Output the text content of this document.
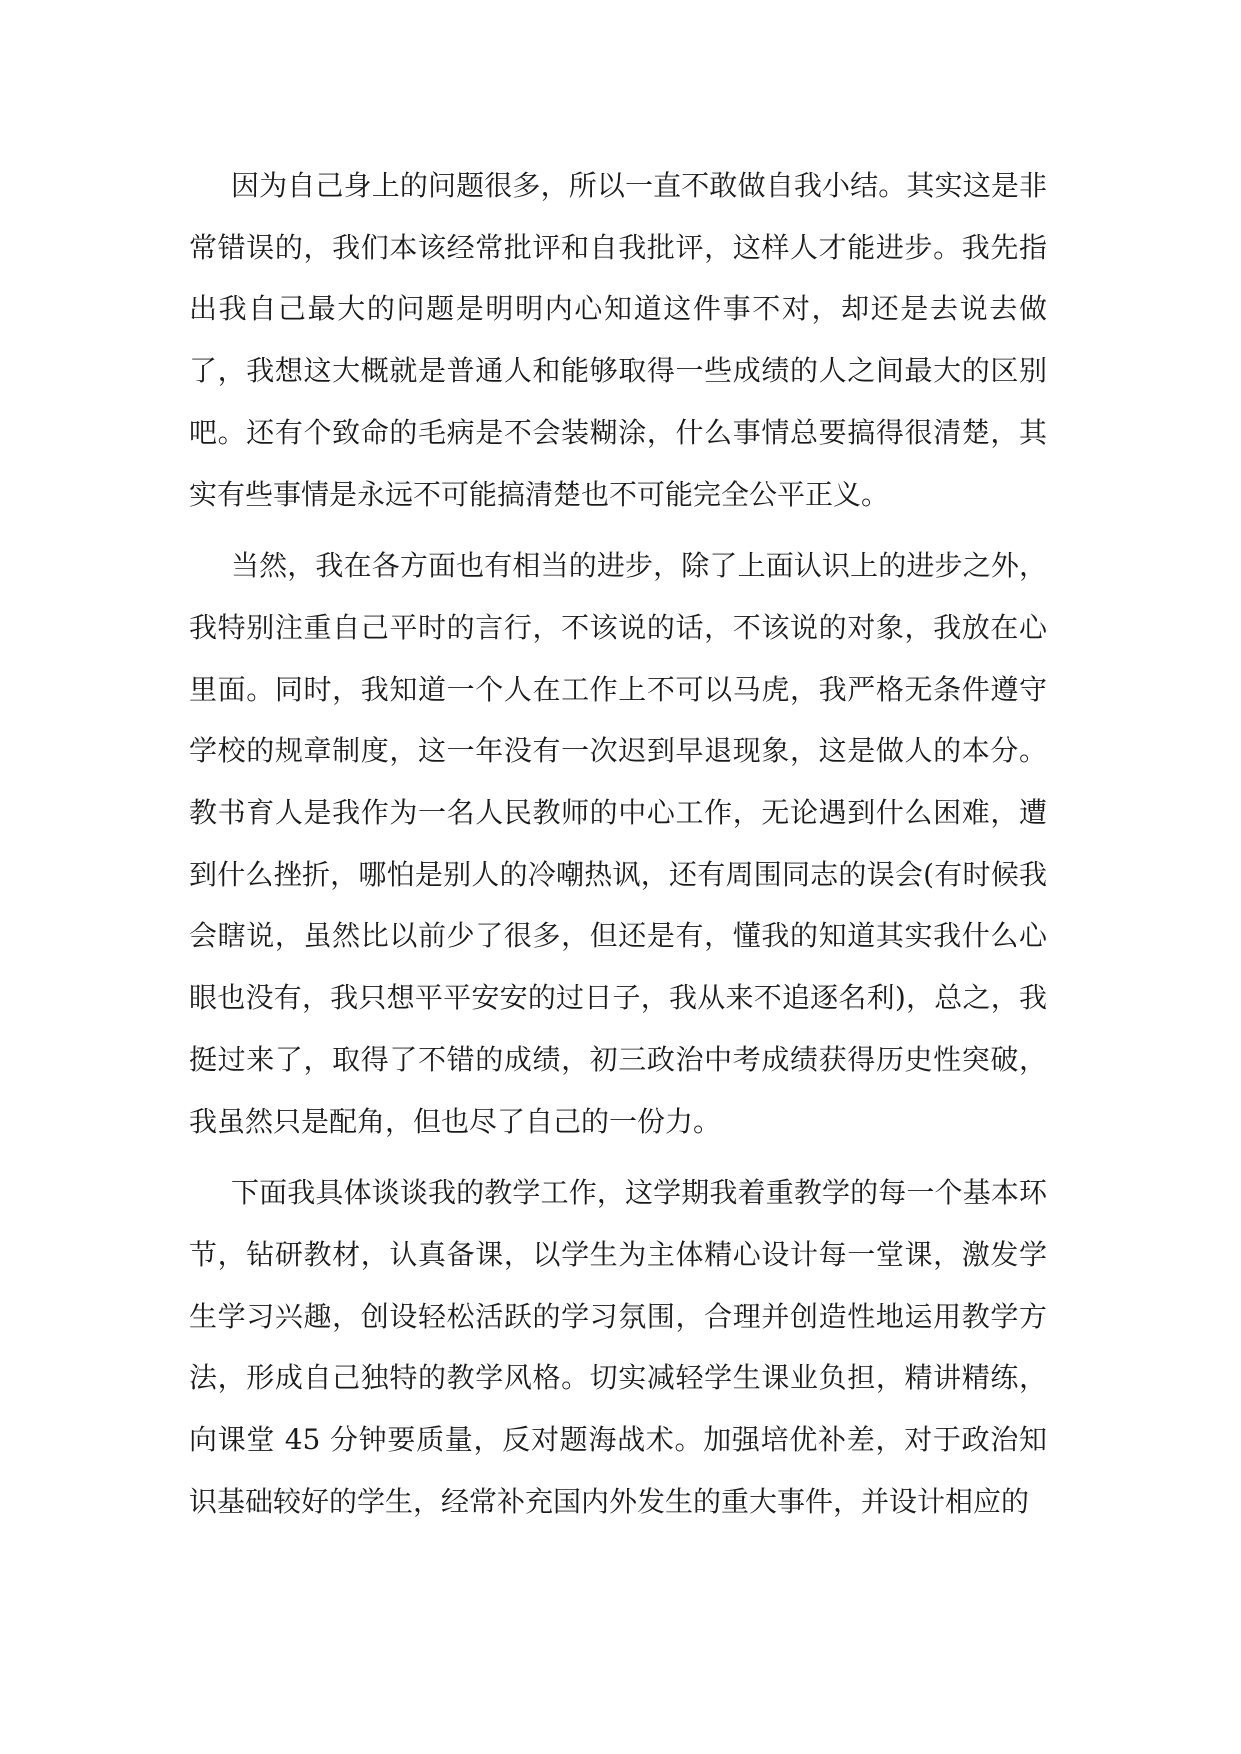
因为自己身上的问题很多，所以一直不敢做自我小结。其实这是非常错误的，我们本该经常批评和自我批评，这样人才能进步。我先指出我自己最大的问题是明明内心知道这件事不对，却还是去说去做了，我想这大概就是普通人和能够取得一些成绩的人之间最大的区别吧。还有个致命的毛病是不会装糊涂，什么事情总要搞得很清楚，其实有些事情是永远不可能搞清楚也不可能完全公平正义。

当然，我在各方面也有相当的进步，除了上面认识上的进步之外，我特别注重自己平时的言行，不该说的话，不该说的对象，我放在心里面。同时，我知道一个人在工作上不可以马虎，我严格无条件遵守学校的规章制度，这一年没有一次迟到早退现象，这是做人的本分。教书育人是我作为一名人民教师的中心工作，无论遇到什么困难，遭到什么挫折，哪怕是别人的冷嘲热讽，还有周围同志的误会(有时候我会瞎说，虽然比以前少了很多，但还是有，懂我的知道其实我什么心眼也没有，我只想平平安安的过日子，我从来不追逐名利)，总之，我挺过来了，取得了不错的成绩，初三政治中考成绩获得历史性突破，我虽然只是配角，但也尽了自己的一份力。

下面我具体谈谈我的教学工作，这学期我着重教学的每一个基本环节，钻研教材，认真备课，以学生为主体精心设计每一堂课，激发学生学习兴趣，创设轻松活跃的学习氛围，合理并创造性地运用教学方法，形成自己独特的教学风格。切实减轻学生课业负担，精讲精练，向课堂 45 分钟要质量，反对题海战术。加强培优补差，对于政治知识基础较好的学生，经常补充国内外发生的重大事件，并设计相应的
